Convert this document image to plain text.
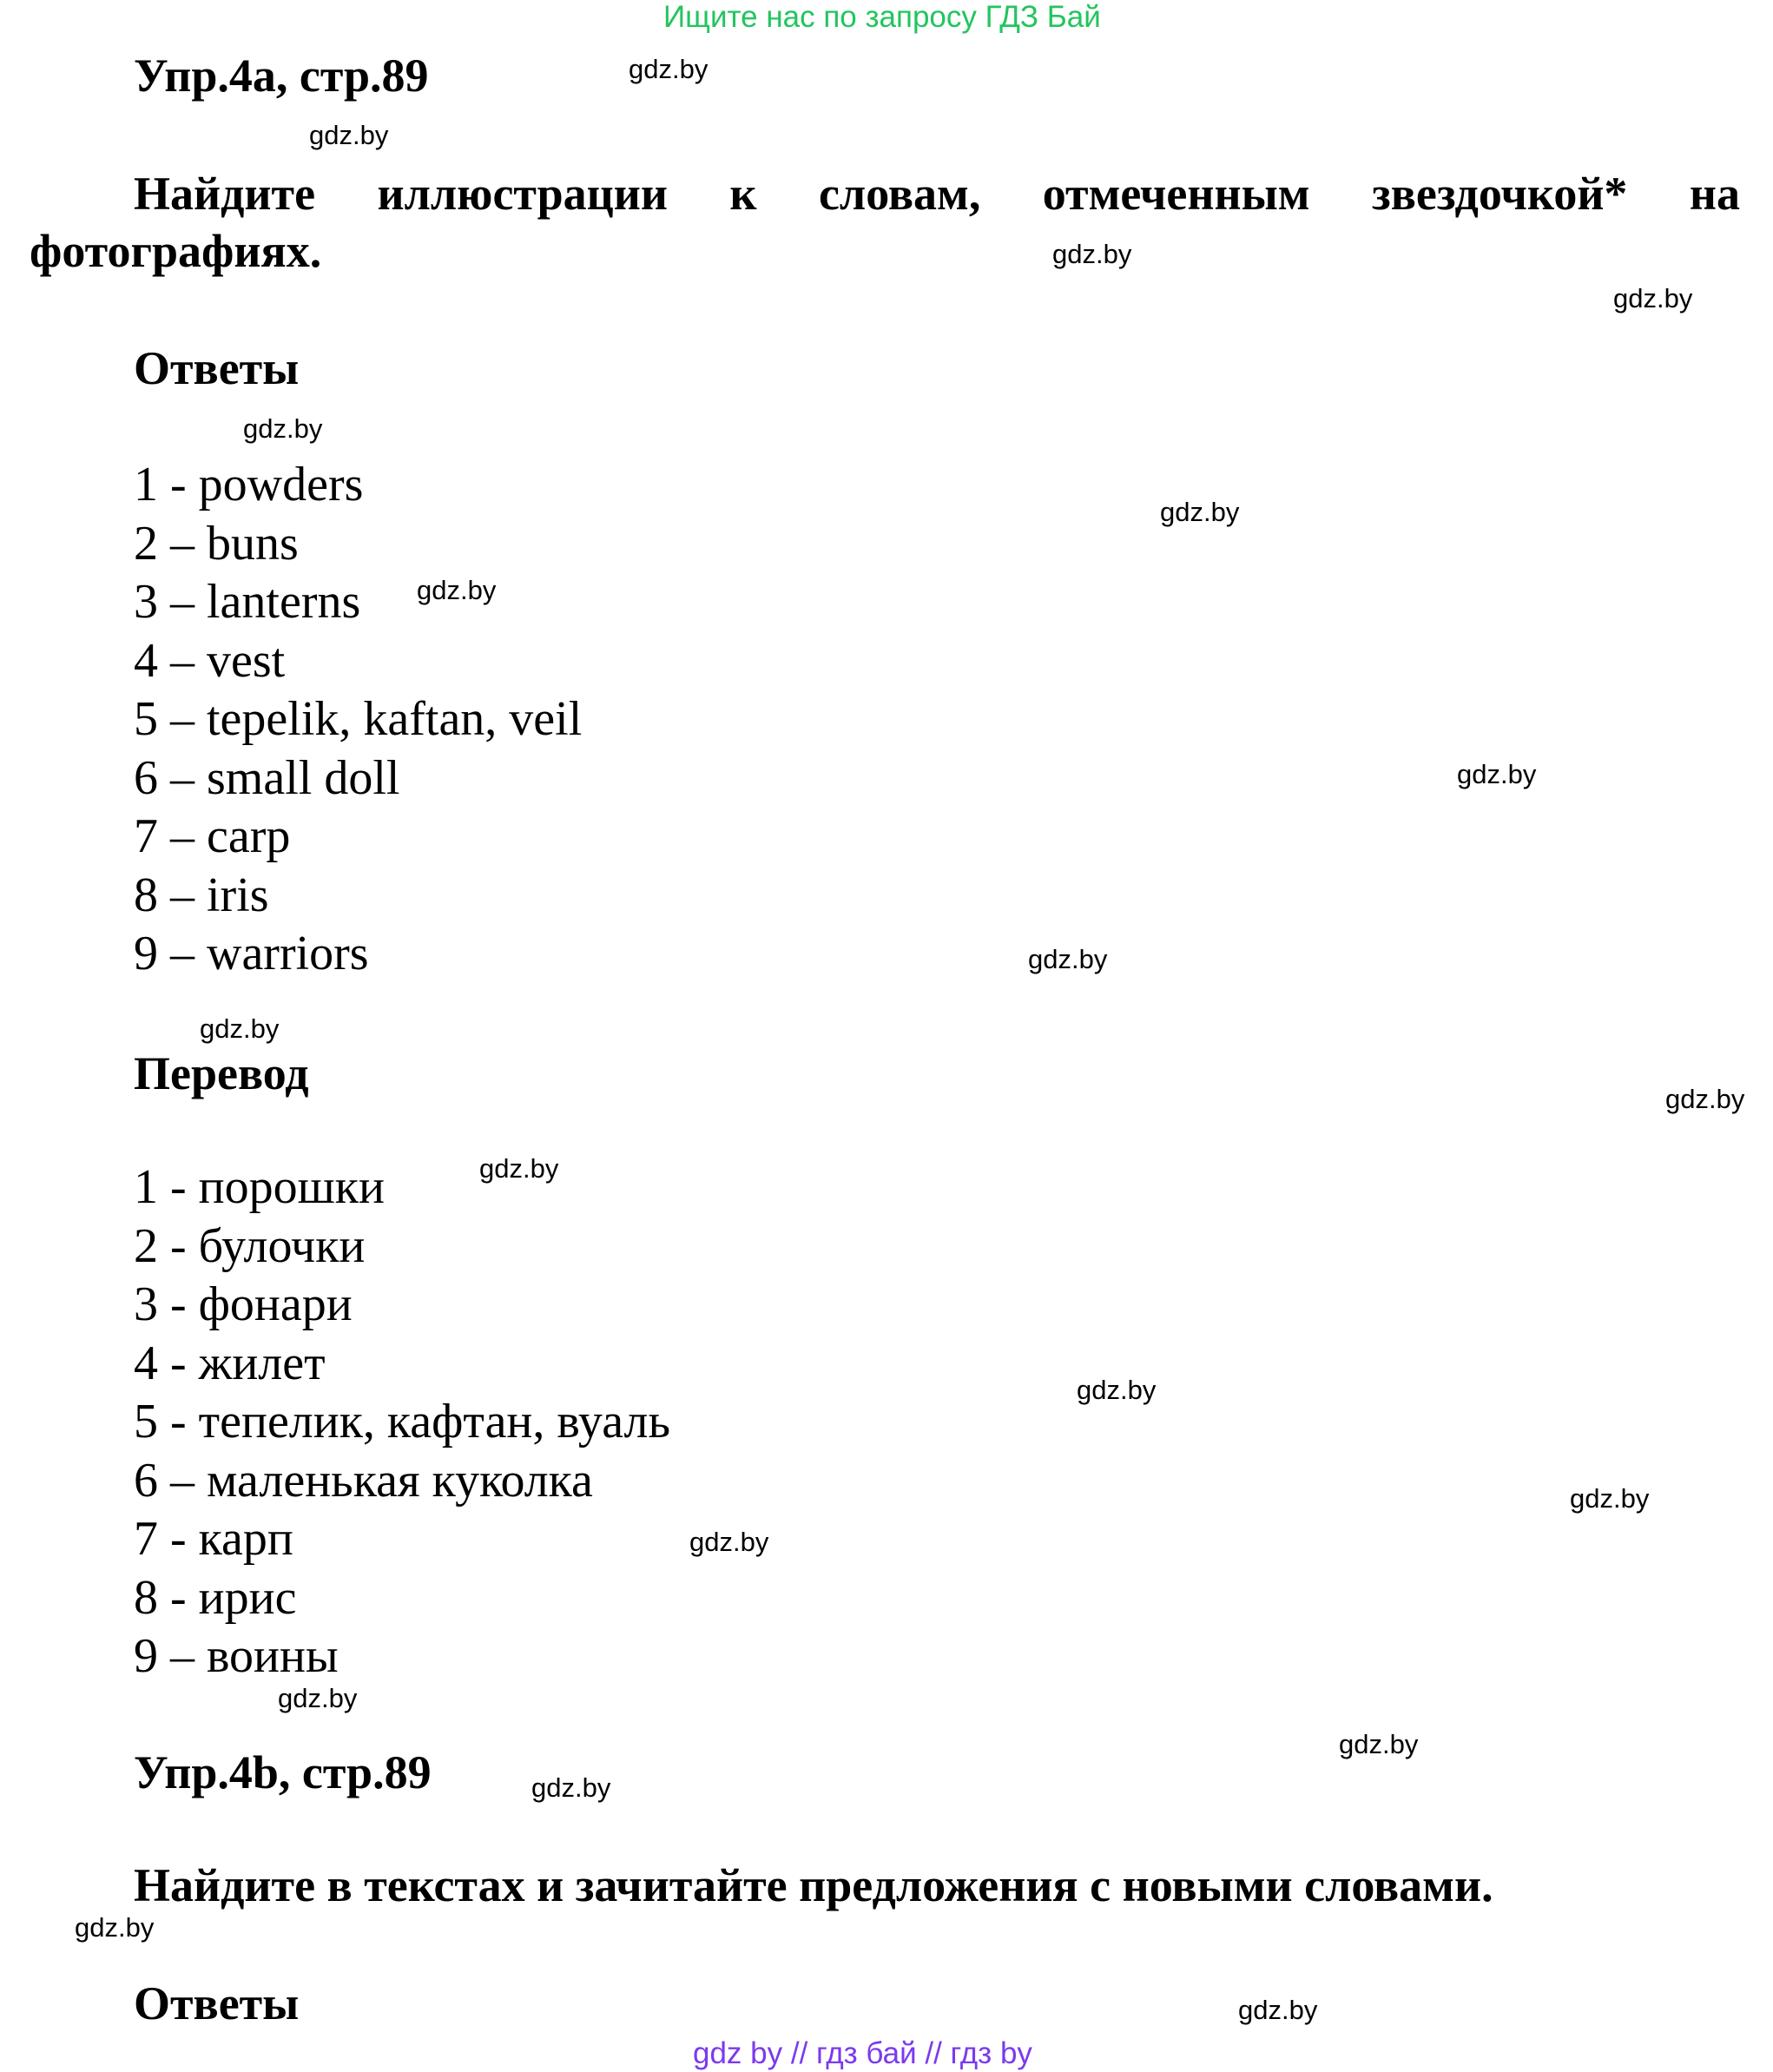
Ищите нас по запросу ГДЗ Бай
Упр.4а, стр.89
Найдите иллюстрации к словам, отмеченным звездочкой* на
фотографиях.
Ответы
1 - powders
2 – buns
3 – lanterns
4 – vest
5 – tepelik, kaftan, veil
6 – small doll
7 – carp
8 – iris
9 – warriors
Перевод
1 - порошки
2 - булочки
3 - фонари
4 - жилет
5 - тепелик, кафтан, вуаль
6 – маленькая куколка
7 - карп
8 - ирис
9 – воины
Упр.4b, стр.89
Найдите в текстах и зачитайте предложения с новыми словами.
Ответы
gdz.by
gdz.by
gdz.by
gdz.by
gdz.by
gdz.by
gdz.by
gdz.by
gdz.by
gdz.by
gdz.by
gdz.by
gdz.by
gdz.by
gdz.by
gdz.by
gdz.by
gdz.by
gdz.by
gdz.by
gdz by // гдз бай // гдз by
